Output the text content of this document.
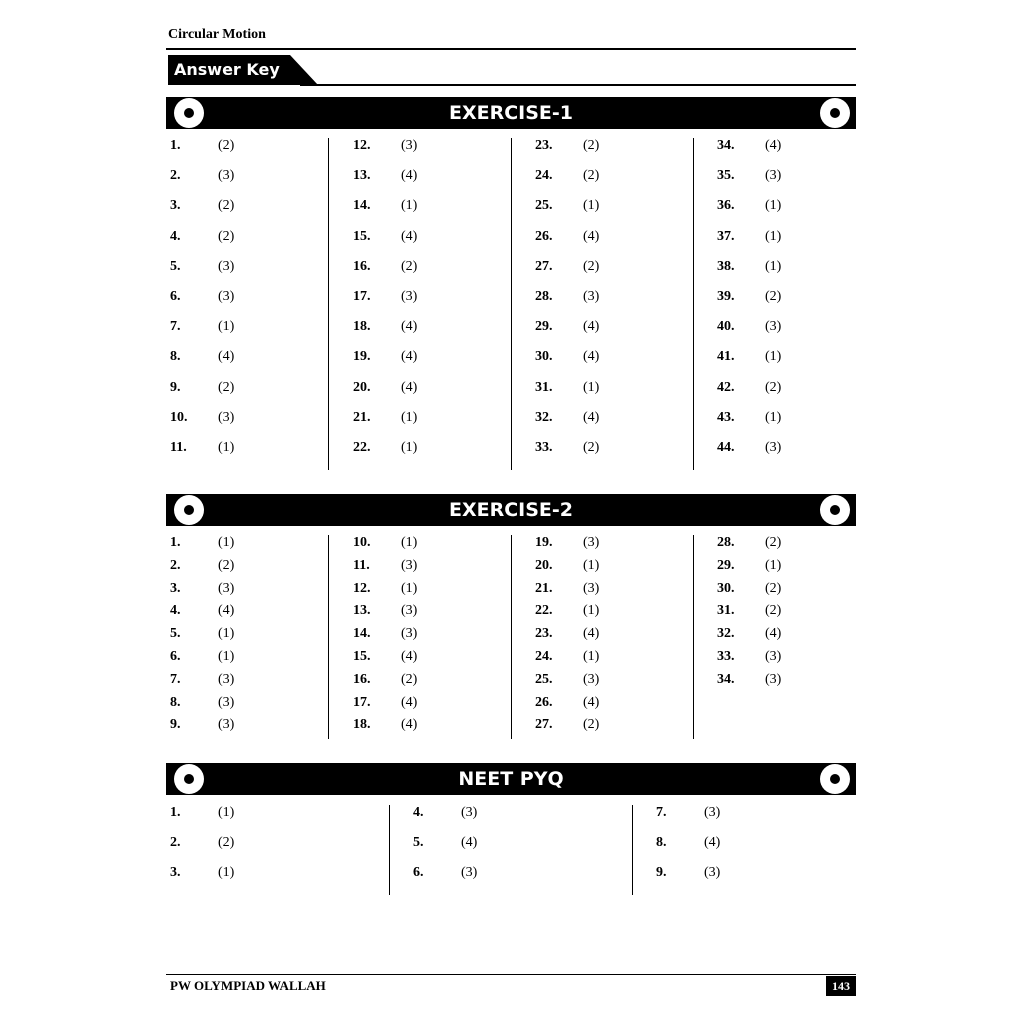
Circular Motion
Answer Key
EXERCISE-1
1.	(2)
2.	(3)
3.	(2)
4.	(2)
5.	(3)
6.	(3)
7.	(1)
8.	(4)
9.	(2)
10. (3)
11. (1)
12. (3)
13. (4)
14. (1)
15. (4)
16. (2)
17. (3)
18. (4)
19. (4)
20. (4)
21. (1)
22. (1)
23. (2)
24. (2)
25. (1)
26. (4)
27. (2)
28. (3)
29. (4)
30. (4)
31. (1)
32. (4)
33. (2)
34. (4)
35. (3)
36. (1)
37. (1)
38. (1)
39. (2)
40. (3)
41. (1)
42. (2)
43. (1)
44. (3)
EXERCISE-2
1.	(1)
2.	(2)
3.	(3)
4.	(4)
5.	(1)
6.	(1)
7.	(3)
8.	(3)
9.	(3)
10. (1)
11. (3)
12. (1)
13. (3)
14. (3)
15. (4)
16. (2)
17. (4)
18. (4)
19. (3)
20. (1)
21. (3)
22. (1)
23. (4)
24. (1)
25. (3)
26. (4)
27. (2)
28. (2)
29. (1)
30. (2)
31. (2)
32. (4)
33. (3)
34. (3)
NEET PYQ
1.	(1)
2.	(2)
3.	(1)
4.	(3)
5.	(4)
6.	(3)
7.	(3)
8.	(4)
9.	(3)
PW OLYMPIAD WALLAH	143
